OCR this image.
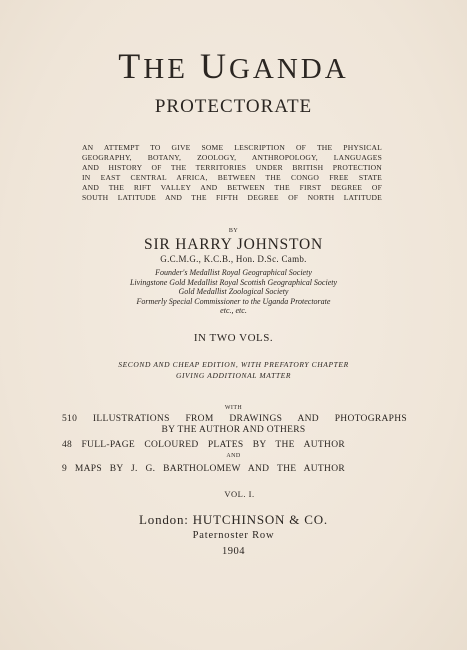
THE UGANDA

PROTECTORATE

AN ATTEMPT TO GIVE SOME LESCRIPTION OF THE PHYSICAL
GEOGRAPHY, BOTANY, ZOOLOGY, ANTHROPOLOGY, LANGUAGES
AND HISTORY OF THE TERRITORIES UNDER BRITISH PROTECTION
IN EAST CENTRAL AFRICA, BETWEEN THE CONGO FREE STATE
AND THE RIFT VALLEY AND BETWEEN THE FIRST DEGREE OF
SOUTH LATITUDE AND THE FIFTH DEGREE OF NORTH LATITUDE

BY

SIR HARRY JOHNSTON

G.C.M.G., K.C.B., Hon. D.Sc. Camb.

Founder's Medallist Royal Geographical Society

Livingstone Gold Medallist Royal Scottish Geographical Society

Gold Medallist Zoological Society

Formerly Special Commissioner to the Uganda Protectorate

etc., etc.

IN TWO VOLS.

SECOND AND CHEAP EDITION, WITH PREFATORY CHAPTER

GIVING ADDITIONAL MATTER

WITH

510 ILLUSTRATIONS FROM DRAWINGS AND PHOTOGRAPHS

BY THE AUTHOR AND OTHERS

48 FULL-PAGE COLOURED PLATES BY THE AUTHOR

AND

9 MAPS BY J. G. BARTHOLOMEW AND THE AUTHOR

VOL. I.

London: HUTCHINSON & CO.

Paternoster Row

1904
